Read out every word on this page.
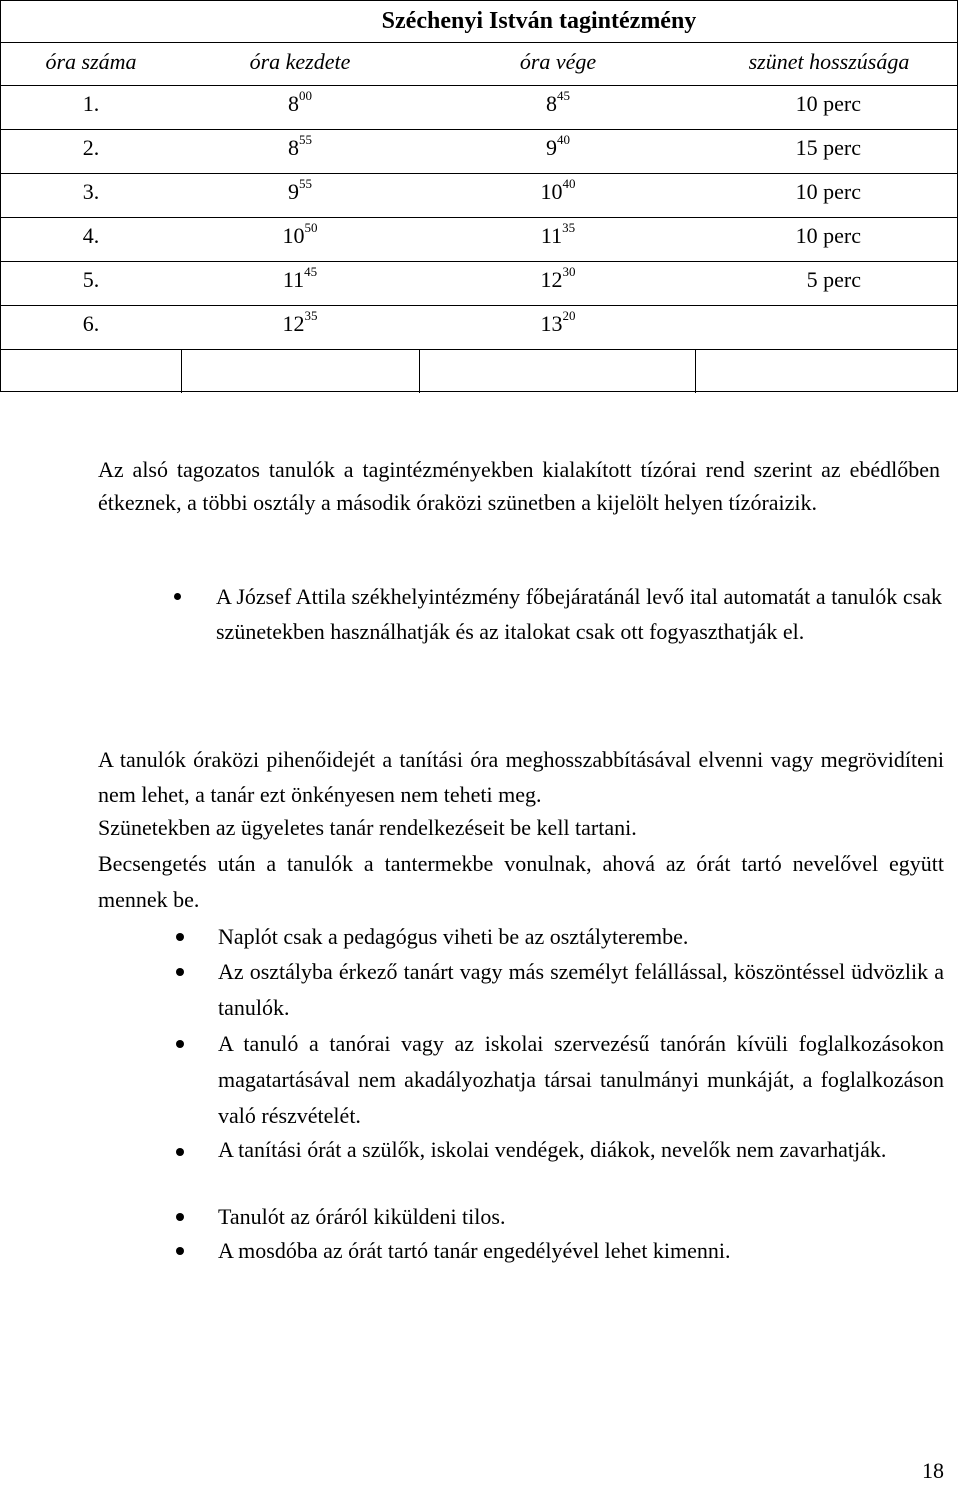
Széchenyi István tagintézmény
óra száma	óra kezdete	óra vége	szünet hosszúsága
1.	$8^{00}$	$8^{45}$	10 perc
2.	$8^{55}$	$9^{40}$	15 perc
3.	$9^{55}$	$10^{40}$	10 perc
4.	$10^{50}$	$11^{35}$	10 perc
5.	$11^{45}$	$12^{30}$	5 perc
6.	$12^{35}$	$13^{20}$
Az alsó tagozatos tanulók a tagintézményekben kialakított tízórai rend szerint az ebédlőben étkeznek, a többi osztály a második óraközi szünetben a kijelölt helyen tízóraizik.
A József Attila székhelyintézmény főbejáratánál levő ital automatát a tanulók csak szünetekben használhatják és az italokat csak ott fogyaszthatják el.
A tanulók óraközi pihenőidejét a tanítási óra meghosszabbításával elvenni vagy megrövidíteni nem lehet, a tanár ezt önkényesen nem teheti meg.
Szünetekben az ügyeletes tanár rendelkezéseit be kell tartani.
Becsengetés után a tanulók a tantermekbe vonulnak, ahová az órát tartó nevelővel együtt mennek be.
Naplót csak a pedagógus viheti be az osztályterembe.
Az osztályba érkező tanárt vagy más személyt felállással, köszöntéssel üdvözlik a tanulók.
A tanuló a tanórai vagy az iskolai szervezésű tanórán kívüli foglalkozásokon magatartásával nem akadályozhatja társai tanulmányi munkáját, a foglalkozáson való részvételét.
A tanítási órát a szülők, iskolai vendégek, diákok, nevelők nem zavarhatják.
Tanulót az óráról kiküldeni tilos.
A mosdóba az órát tartó tanár engedélyével lehet kimenni.
18
